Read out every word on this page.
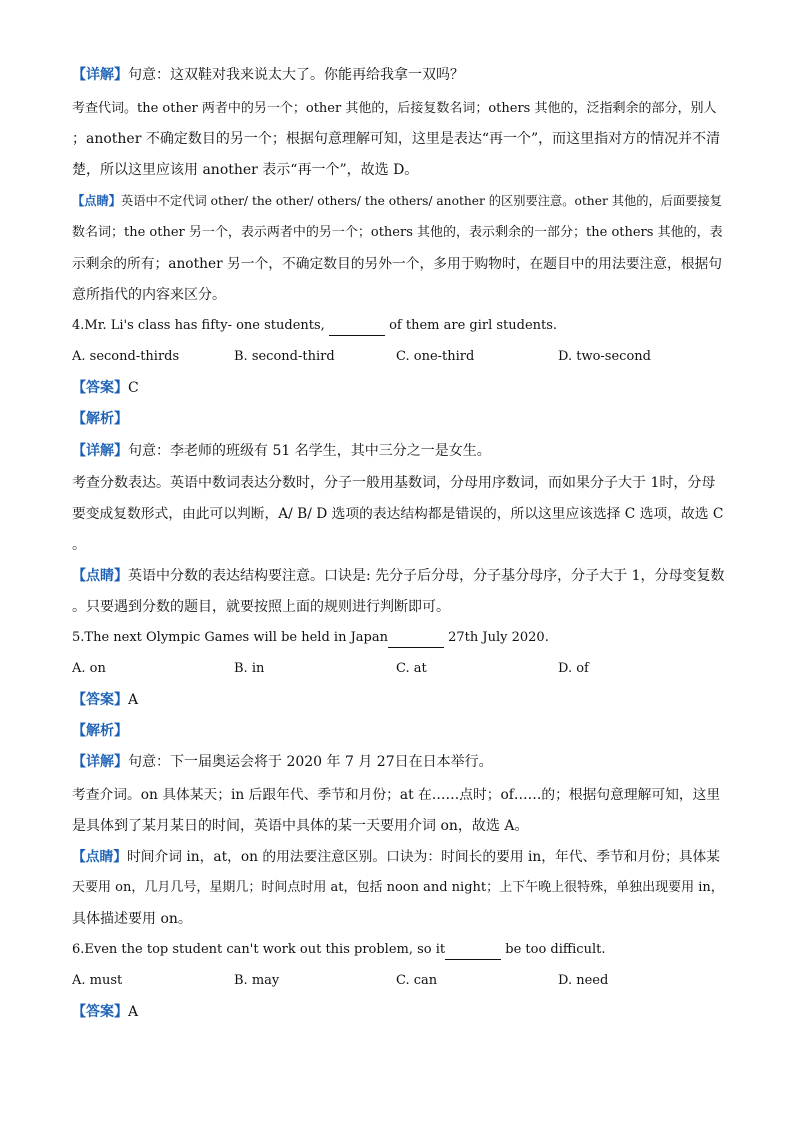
【详解】句意：这双鞋对我来说太大了。你能再给我拿一双吗？
考查代词。the other 两者中的另一个；other 其他的，后接复数名词；others 其他的，泛指剩余的部分，别人
；another 不确定数目的另一个；根据句意理解可知，这里是表达“再一个”，而这里指对方的情况并不清
楚，所以这里应该用 another 表示“再一个”，故选 D。
【点睛】英语中不定代词 other/ the other/ others/ the others/ another 的区别要注意。other 其他的，后面要接复
数名词；the other 另一个，表示两者中的另一个；others 其他的，表示剩余的一部分；the others 其他的，表
示剩余的所有；another 另一个，不确定数目的另外一个，多用于购物时，在题目中的用法要注意，根据句
意所指代的内容来区分。
4.Mr. Li's class has fifty- one students,	of them are girl students.
A. second-thirds	B. second-third	C. one-third	D. two-second
【答案】C
【解析】
【详解】句意：李老师的班级有 51 名学生，其中三分之一是女生。
考查分数表达。英语中数词表达分数时，分子一般用基数词，分母用序数词，而如果分子大于 1时，分母
要变成复数形式，由此可以判断，A/ B/ D 选项的表达结构都是错误的，所以这里应该选择 C 选项，故选 C
。
【点睛】英语中分数的表达结构要注意。口诀是: 先分子后分母，分子基分母序，分子大于 1，分母变复数
。只要遇到分数的题目，就要按照上面的规则进行判断即可。
5.The next Olympic Games will be held in Japan	27th July 2020.
A. on	B. in	C. at	D. of
【答案】A
【解析】
【详解】句意：下一届奥运会将于 2020 年 7 月 27日在日本举行。
考查介词。on 具体某天；in 后跟年代、季节和月份；at 在……点时；of……的；根据句意理解可知，这里
是具体到了某月某日的时间，英语中具体的某一天要用介词 on，故选 A。
【点睛】时间介词 in，at，on 的用法要注意区别。口诀为：时间长的要用 in，年代、季节和月份；具体某
天要用 on，几月几号，星期几；时间点时用 at，包括 noon and night；上下午晚上很特殊，单独出现要用 in，
具体描述要用 on。
6.Even the top student can't work out this problem, so it	be too difficult.
A. must	B. may	C. can	D. need
【答案】A
